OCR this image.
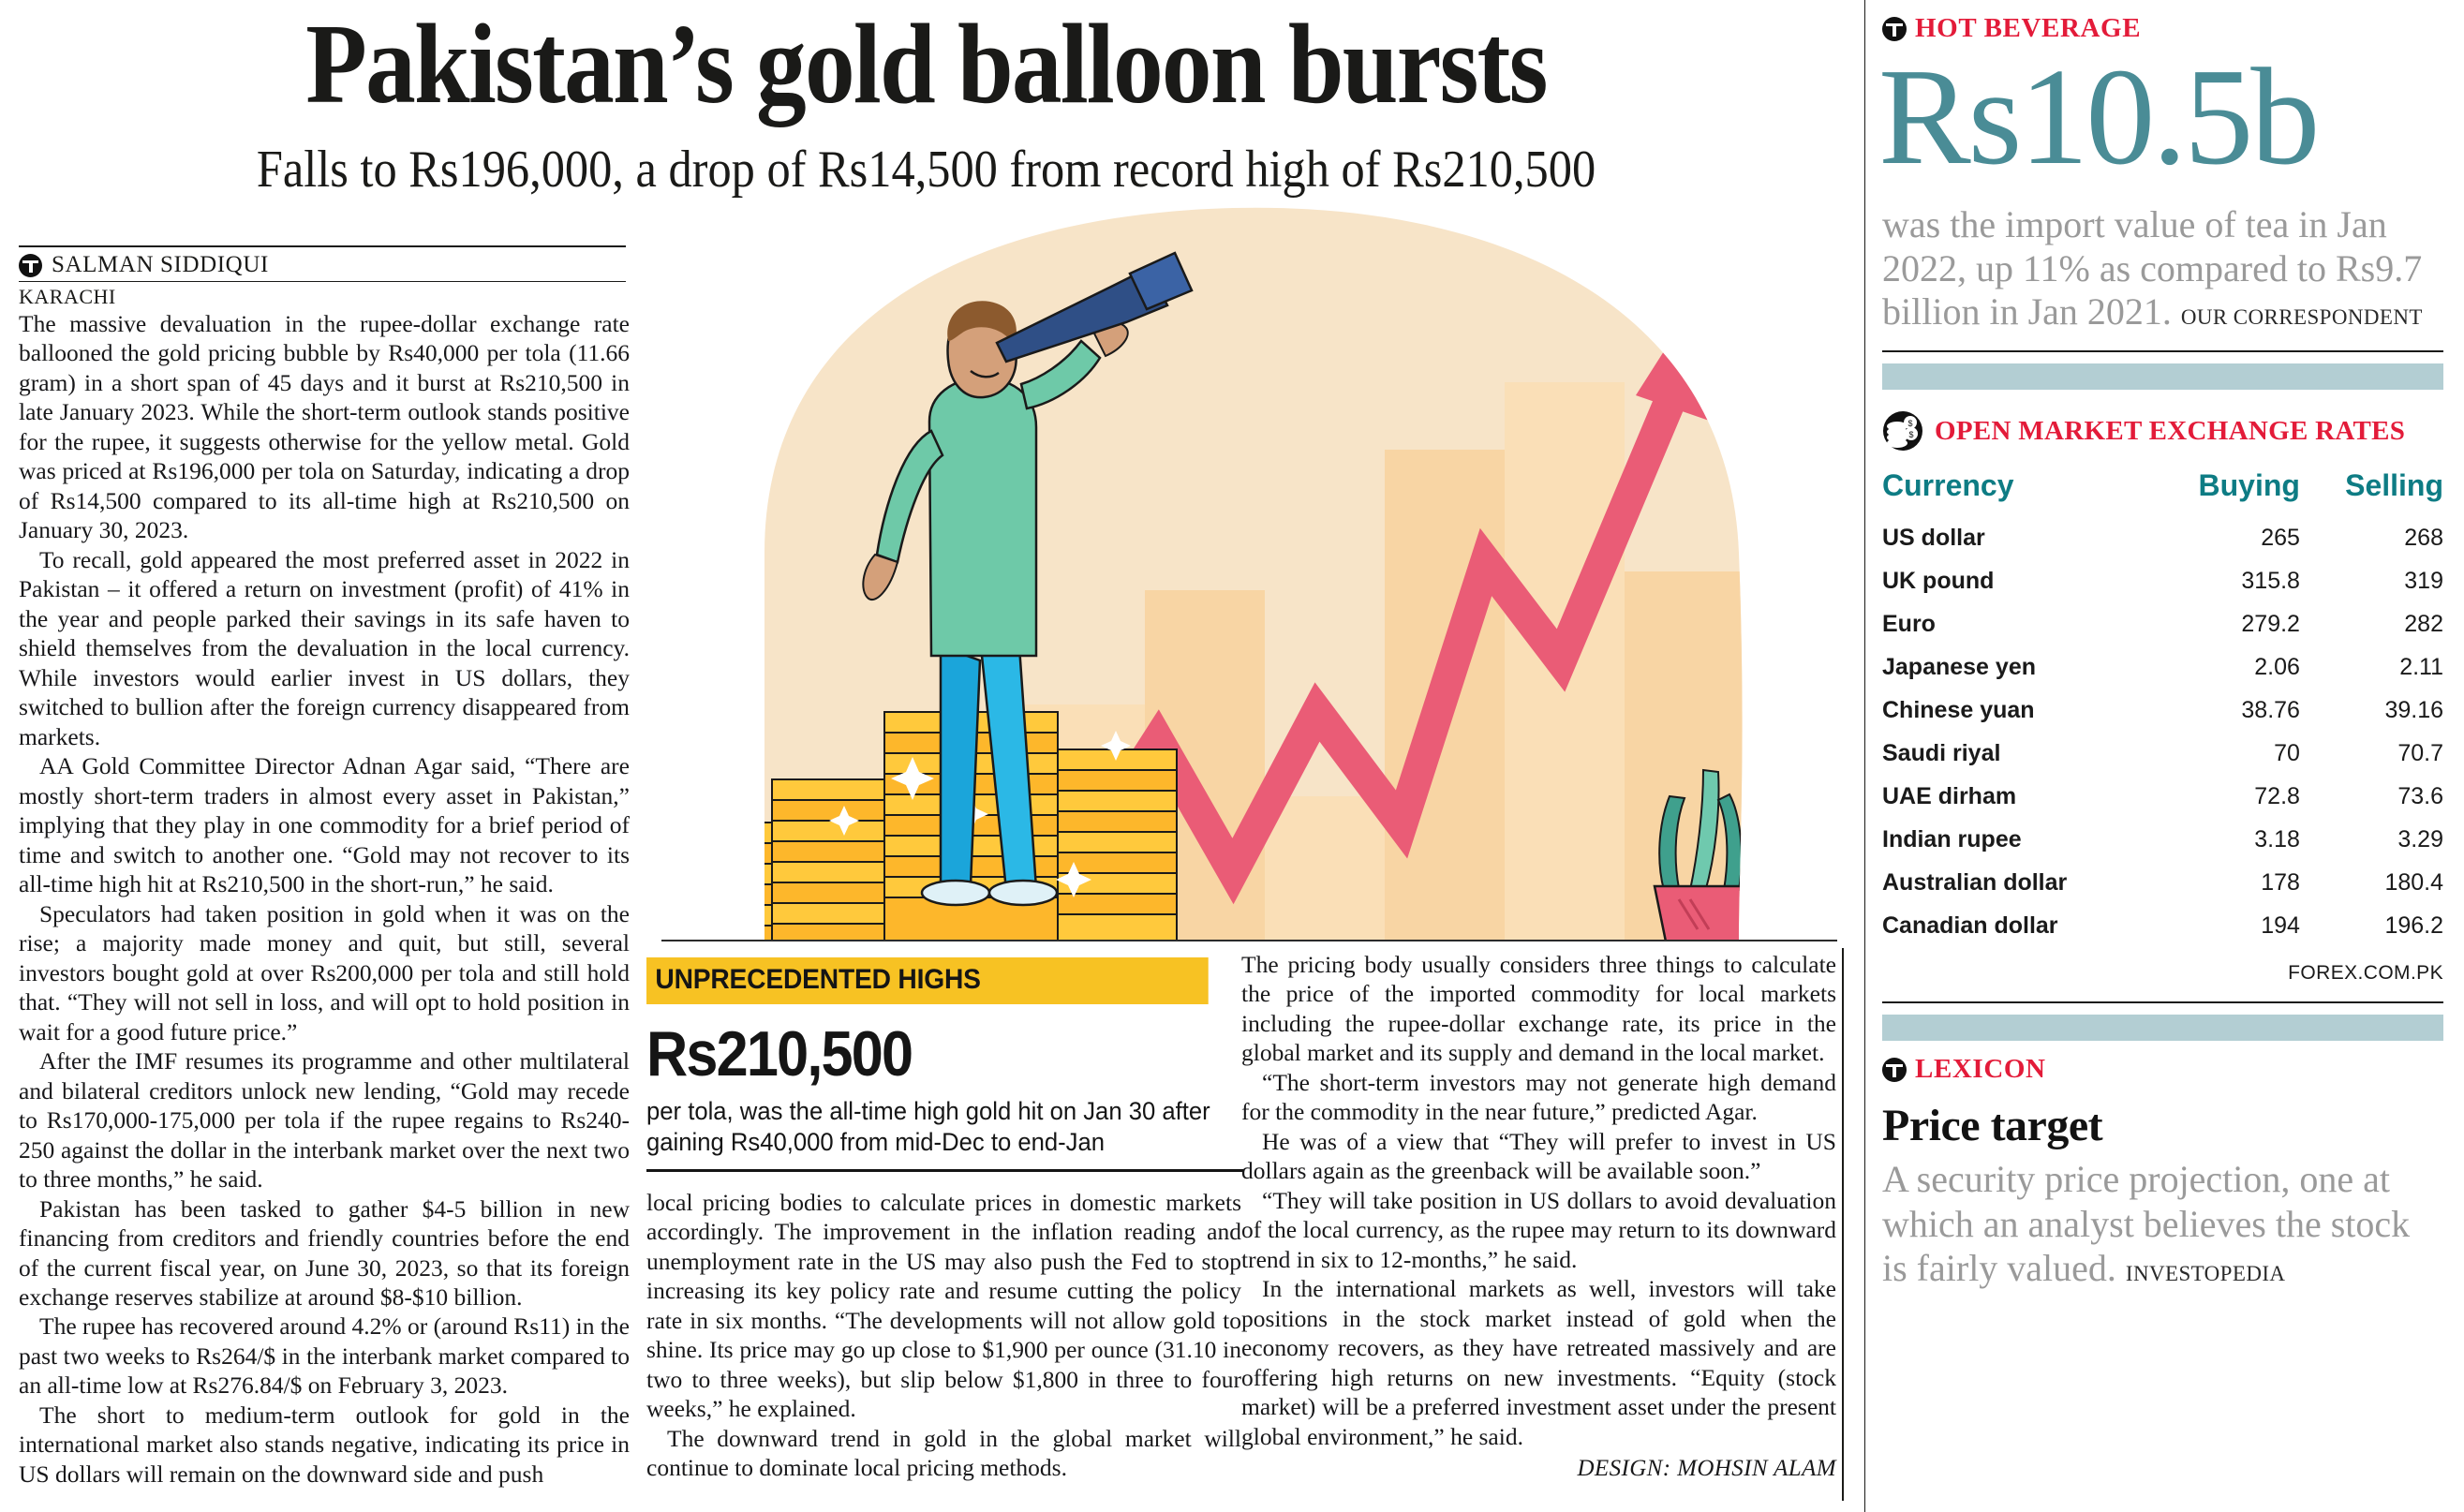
Pakistan’s gold balloon bursts
Falls to Rs196,000, a drop of Rs14,500 from record high of Rs210,500
SALMAN SIDDIQUI
KARACHI
UNPRECEDENTED HIGHS
Rs210,500
per tola, was the all-time high gold hit on Jan 30 after gaining Rs40,000 from mid-Dec to end-Jan

The massive devaluation in the rupee-dollar exchange rate ballooned the gold pricing bubble by Rs40,000 per tola (11.66 gram) in a short span of 45 days and it burst at Rs210,500 in late January 2023. While the short-term outlook stands positive for the rupee, it suggests otherwise for the yellow metal. Gold was priced at Rs196,000 per tola on Saturday, indicating a drop of Rs14,500 compared to its all-time high at Rs210,500 on January 30, 2023.

To recall, gold appeared the most preferred asset in 2022 in Pakistan – it offered a return on investment (profit) of 41% in the year and people parked their savings in its safe haven to shield themselves from the devaluation in the local currency. While investors would earlier invest in US dollars, they switched to bullion after the foreign currency disappeared from markets.

AA Gold Committee Director Adnan Agar said, “There are mostly short-term traders in almost every asset in Pakistan,” implying that they play in one commodity for a brief period of time and switch to another one. “Gold may not recover to its all-time high hit at Rs210,500 in the short-run,” he said.

Speculators had taken position in gold when it was on the rise; a majority made money and quit, but still, several investors bought gold at over Rs200,000 per tola and still hold that. “They will not sell in loss, and will opt to hold position in wait for a good future price.”

After the IMF resumes its programme and other multilateral and bilateral creditors unlock new lending, “Gold may recede to Rs170,000-175,000 per tola if the rupee regains to Rs240-250 against the dollar in the interbank market over the next two to three months,” he said.

Pakistan has been tasked to gather $4-5 billion in new financing from creditors and friendly countries before the end of the current fiscal year, on June 30, 2023, so that its foreign exchange reserves stabilize at around $8-$10 billion.

The rupee has recovered around 4.2% or (around Rs11) in the past two weeks to Rs264/$ in the interbank market compared to an all-time low at Rs276.84/$ on February 3, 2023.

The short to medium-term outlook for gold in the international market also stands negative, indicating its price in US dollars will remain on the downward side and push

local pricing bodies to calculate prices in domestic markets accordingly. The improvement in the inflation reading and unemployment rate in the US may also push the Fed to stop increasing its key policy rate and resume cutting the policy rate in six months. “The developments will not allow gold to shine. Its price may go up close to $1,900 per ounce (31.10 in two to three weeks), but slip below $1,800 in three to four weeks,” he explained.

The downward trend in gold in the global market will continue to dominate local pricing methods.

The pricing body usually considers three things to calculate the price of the imported commodity for local markets including the rupee-dollar exchange rate, its price in the global market and its supply and demand in the local market.

“The short-term investors may not generate high demand for the commodity in the near future,” predicted Agar.

He was of a view that “They will prefer to invest in US dollars again as the greenback will be available soon.”

“They will take position in US dollars to avoid devaluation of the local currency, as the rupee may return to its downward trend in six to 12-months,” he said.

In the international markets as well, investors will take positions in the stock market instead of gold when the economy recovers, as they have retreated massively and are offering high returns on new investments. “Equity (stock market) will be a preferred investment asset under the present global environment,” he said.

DESIGN: MOHSIN ALAM
HOT BEVERAGE
Rs10.5b
was the import value of tea in Jan 2022, up 11% as compared to Rs9.7 billion in Jan 2021. OUR CORRESPONDENT
$
$ OPEN MARKET EXCHANGE RATES
Currency	Buying	Selling
US dollar	265	268
UK pound	315.8	319
Euro	279.2	282
Japanese yen	2.06	2.11
Chinese yuan	38.76	39.16
Saudi riyal	70	70.7
UAE dirham	72.8	73.6
Indian rupee	3.18	3.29
Australian dollar	178	180.4
Canadian dollar	194	196.2
FOREX.COM.PK
LEXICON
Price target
A security price projection, one at which an analyst believes the stock is fairly valued. INVESTOPEDIA
